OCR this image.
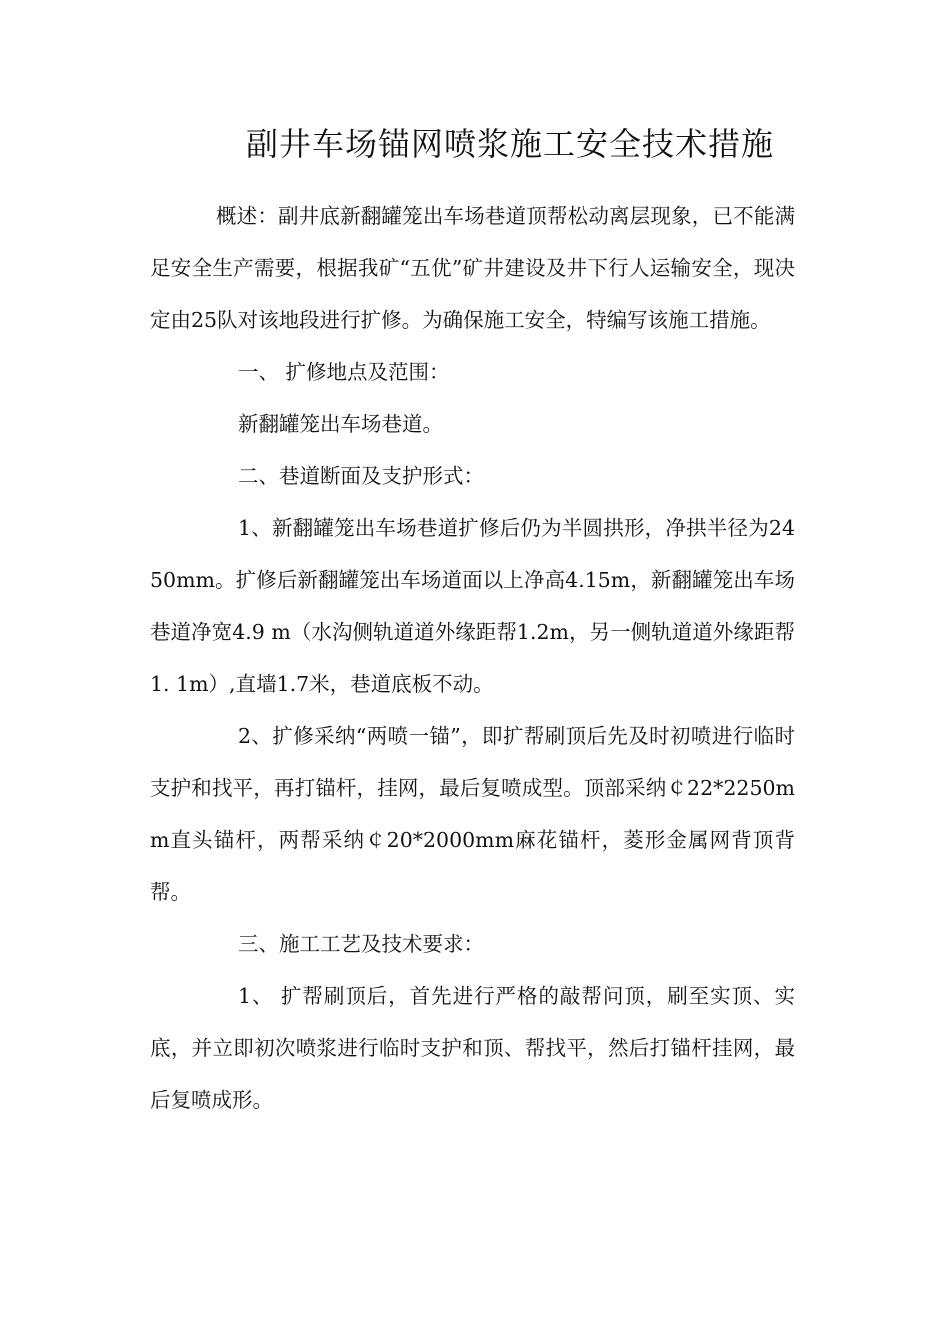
副井车场锚网喷浆施工安全技术措施

概述：副井底新翻罐笼出车场巷道顶帮松动离层现象，已不能满足安全生产需要，根据我矿“五优”矿井建设及井下行人运输安全，现决定由25队对该地段进行扩修。为确保施工安全，特编写该施工措施。

一、 扩修地点及范围：

新翻罐笼出车场巷道。

二、巷道断面及支护形式：

1、新翻罐笼出车场巷道扩修后仍为半圆拱形，净拱半径为2450mm。扩修后新翻罐笼出车场道面以上净高4.15m，新翻罐笼出车场巷道净宽4.9 m（水沟侧轨道道外缘距帮1.2m，另一侧轨道道外缘距帮1. 1m）,直墙1.7米，巷道底板不动。

2、扩修采纳“两喷一锚”，即扩帮刷顶后先及时初喷进行临时支护和找平，再打锚杆，挂网，最后复喷成型。顶部采纳￠22*2250mm直头锚杆，两帮采纳￠20*2000mm麻花锚杆，菱形金属网背顶背帮。

三、施工工艺及技术要求：

1、 扩帮刷顶后，首先进行严格的敲帮问顶，刷至实顶、实底，并立即初次喷浆进行临时支护和顶、帮找平，然后打锚杆挂网，最后复喷成形。
